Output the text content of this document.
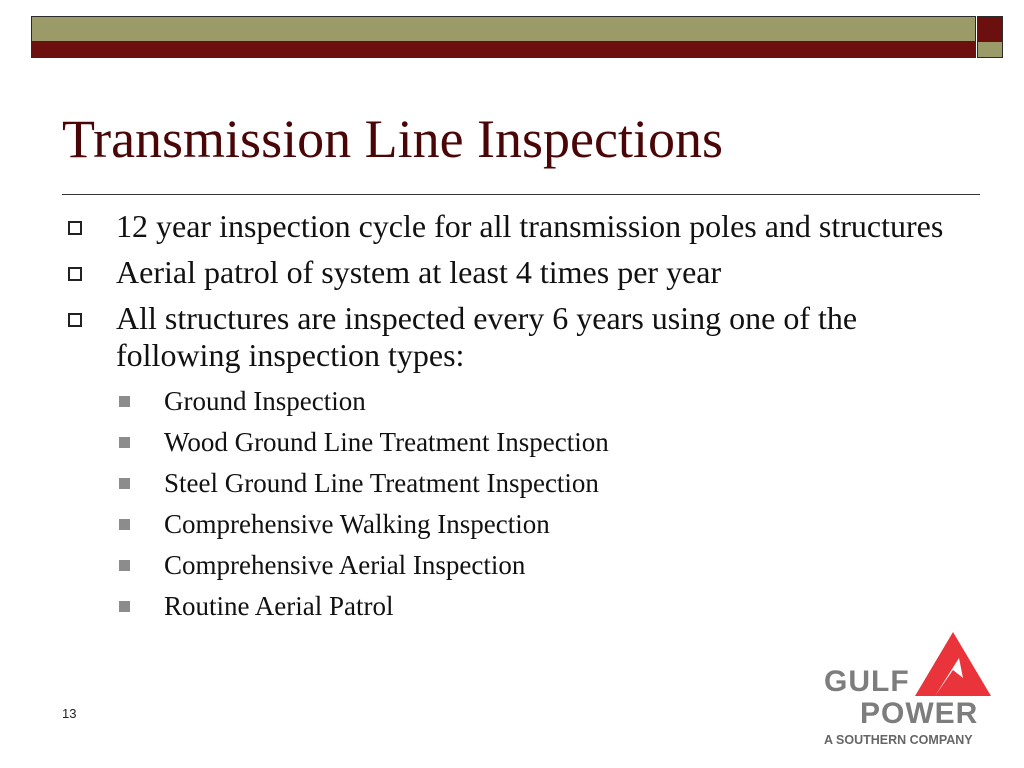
Transmission Line Inspections
12 year inspection cycle for all transmission poles and structures
Aerial patrol of system at least 4 times per year
All structures are inspected every 6 years using one of the following inspection types:
Ground Inspection
Wood Ground Line Treatment Inspection
Steel Ground Line Treatment Inspection
Comprehensive Walking Inspection
Comprehensive Aerial Inspection
Routine Aerial Patrol
13
GULF
POWER
A SOUTHERN COMPANY
